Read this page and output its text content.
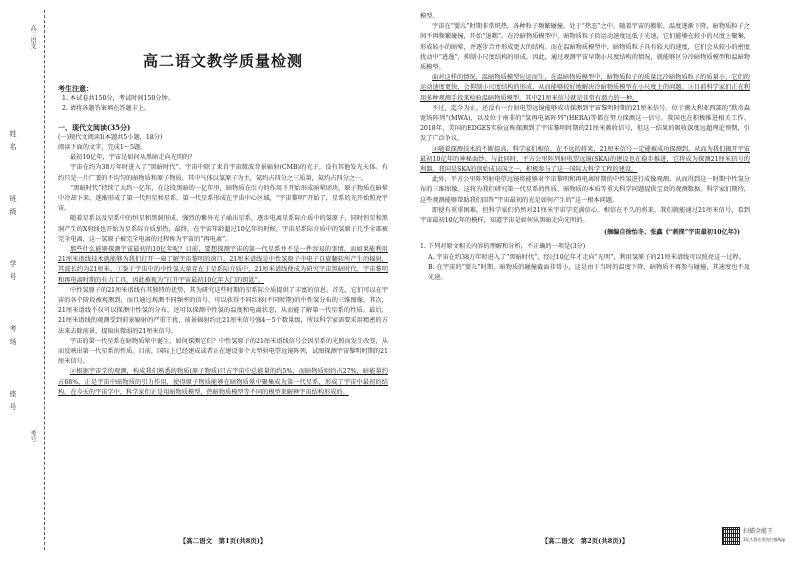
姓名
班级
学号
考场
座号
高二语文
考号
高二语文教学质量检测
考生注意：

1. 本试卷共150分，考试时间150分钟。

2. 请将各题答案填在答题卡上。

一、现代文阅读(35分)

(一)现代文阅读Ⅰ(本题共5小题，18分)

阅读下面的文字，完成1～5题。

最初10亿年，宇宙是如何从黑暗走向光明的？

宇宙在约为38万年时进入了“黑暗时代”。宇宙中除了来自宇宙微波背景辐射(CMB)的光子，没有其他发光天体。有约只是一片广袤的不均匀的暗物质和原子物质，其中气体以氢原子为主，氦约占四分之三质量，氦约占四分之一。

“黑暗时代”持续了大约一亿年，在这段黑暗的一亿年里，暗物质在引力的作用下开始形成暗晕团块，原子物质在暗晕中冷却下来，逐渐形成了第一代恒星和星系。第一代星系形成在宇宙中心区域，“宇宙黎明”开始了，星系的光开始照亮宇宙。

随着星系以及星系中的恒星和黑洞形成，强烈的紫外光子涌出星系，逐步电离星系际介质中的氢原子，同时恒星和黑洞产生的X射线也开始为星系际介质加热，最终，在宇宙年龄超过10亿年的时候，宇宙星系际介质中的氢原子几乎全部被完全电离，这一氢原子被完全电离的过程称为宇宙的“再电离”。

那些什么能够探测宇宙最初的10亿年呢？目前，要想探测宇宙的第一代星系并不是一件容易的事情，而如果能利用21厘米谱线技术就能够为我们打开一扇了解宇宙黎明的窗口。21厘米谱线是中性氢原子中电子自旋翻转所产生的辐射，其波长约为21厘米。①鉴于宇宙中的中性氢大量存在于星系际介质中，21厘米谱线便成为研究宇宙黑暗时代、宇宙黎明和再电离时期的有力工具，因此被视为“打开宇宙最初10亿年大门的钥匙”。

中性氢原子的21厘米谱线有其独特的优势，其为研究这些时期的星系际介质提供了丰富的信息。首先，它们可以在宇宙的各个阶段被观测到，而且通过观测不同频率的信号，可以获得不同红移(不同时期)的中性氢分布的三维图像。其次，21厘米谱线不仅可以探测中性氢的分布，还可以探测中性氢的温度和电离状态，从而能了解第一代星系的性质。最后，21厘米谱线的观测受到前景辐射的严重干扰，前景辐射约比21厘米信号强4～5个数量级，所以科学家需要采用精密的方法来去除前景，提取出微弱的21厘米信号。

宇宙的第一代星系在暗物质晕中诞生，如何探测它们？中性氢原子的21厘米谱线信号会因星系的光照而发生改变，从而反映出第一代星系的性质。目前，国际上已经建成或者正在建设多个大型射电望远镜阵列，试图探测宇宙黎明时期的21厘米信号。

②根据宇宙学的观测，构成我们熟悉的物质(原子物质)只占宇宙中总能量的约5%，而暗物质则约占27%，暗能量约占68%，正是宇宙中暗物质的引力作用，使得原子物质能够在暗物质晕中聚集成为第一代星系，形成了宇宙中最初的结构。在今天的宇宙学中，科学家们正是用暗物质模型、热暗物质模型等不同的模型来解释宇宙结构形成的。

【高二语文　第1页(共8页)】

模型。

宇宙在“婴儿”时期非常炽热，各种粒子频繁碰撞，处于“热态”之中。随着宇宙的膨胀，温度逐渐下降，暗物质粒子之间不再频繁碰撞，开始“退耦”。在冷暗物质模型中，暗物质粒子的运动速度远低于光速，它们能够在较小的尺度上聚集，形成较小的暗晕，并逐步合并形成更大的结构。而在温暗物质模型中，暗物质粒子具有较大的速度，它们会从较小的密度扰动中“逃逸”，抑制小尺度结构的形成。因此，通过观测宇宙早期小尺度结构的情况，就能够区分冷暗物质模型和温暗物质模型。

面对这样的情况，温暗物质模型应运而生，在温暗物质模型中，暗物质粒子的质量比冷暗物质粒子的质量小，它们的运动速度更快，会抑制小尺度结构的形成，从而能够较好地解决冷暗物质模型在小尺度上的问题。③目前科学家们正在利用多种观测手段来检验温暗物质模型，其中21厘米信号就是非常有潜力的一种。

不过，迄今为止，还没有一台射电望远镜能够成功探测到宇宙黎明时期的21厘米信号。位于澳大利亚西部的“默奇森宽场阵列”(MWA)，以及位于南非的“氢再电离阵列”(HERA)等都在努力探测这一信号。我国也在积极推进相关工作。2018年，美国的EDGES实验宣称探测到了宇宙黎明时期的21厘米吸收信号，但这一结果的吸收深度远超理论预期，引发了广泛争议。

④随着探测技术的不断提高，科学家们相信，在不远的将来，21厘米信号一定能被成功探测到，从而为我们揭开宇宙最初10亿年的神秘面纱。与此同时，平方公里阵列射电望远镜(SKA)的建设也在稳步推进，它将成为探测21厘米信号的利器。我国是SKA的创始成员国之一，积极参与了这一国际大科学工程的建设。

此外，平方公里阵列射电望远镜将能够对宇宙黎明和再电离时期的中性氢进行成像观测，从而得到这一时期中性氢分布的三维图像。这将为我们研究第一代星系的性质、暗物质的本质等重大科学问题提供宝贵的观测数据。科学家们期待，这些观测能够帮助我们回答“宇宙最初的光是如何产生的”这一根本问题。

即使有重重困难，但科学家们仍然对21厘米宇宙学充满信心。相信在不久的将来，我们就能通过21厘米信号，看到宇宙最初10亿年的模样，知道宇宙是如何从黑暗走向光明的。

(摘编自徐怡冬、张鑫《“刺探”宇宙最初10亿年》)

1. 下列对原文相关内容的理解和分析，不正确的一项是(3分)

A. 宇宙在约38万年时进入了“黑暗时代”，经过10亿年才走向“光明”，利用氢原子的21厘米谱线可以照亮这一过程。

B. 在宇宙的“婴儿”时期，暗物质的碰撞截面非常小，这是由于当时的温度下降，暗物质不再参与碰撞，其速度也不及光速。

【高二语文　第2页(共8页)】
扫描全能王
3亿人都在用的扫描App
